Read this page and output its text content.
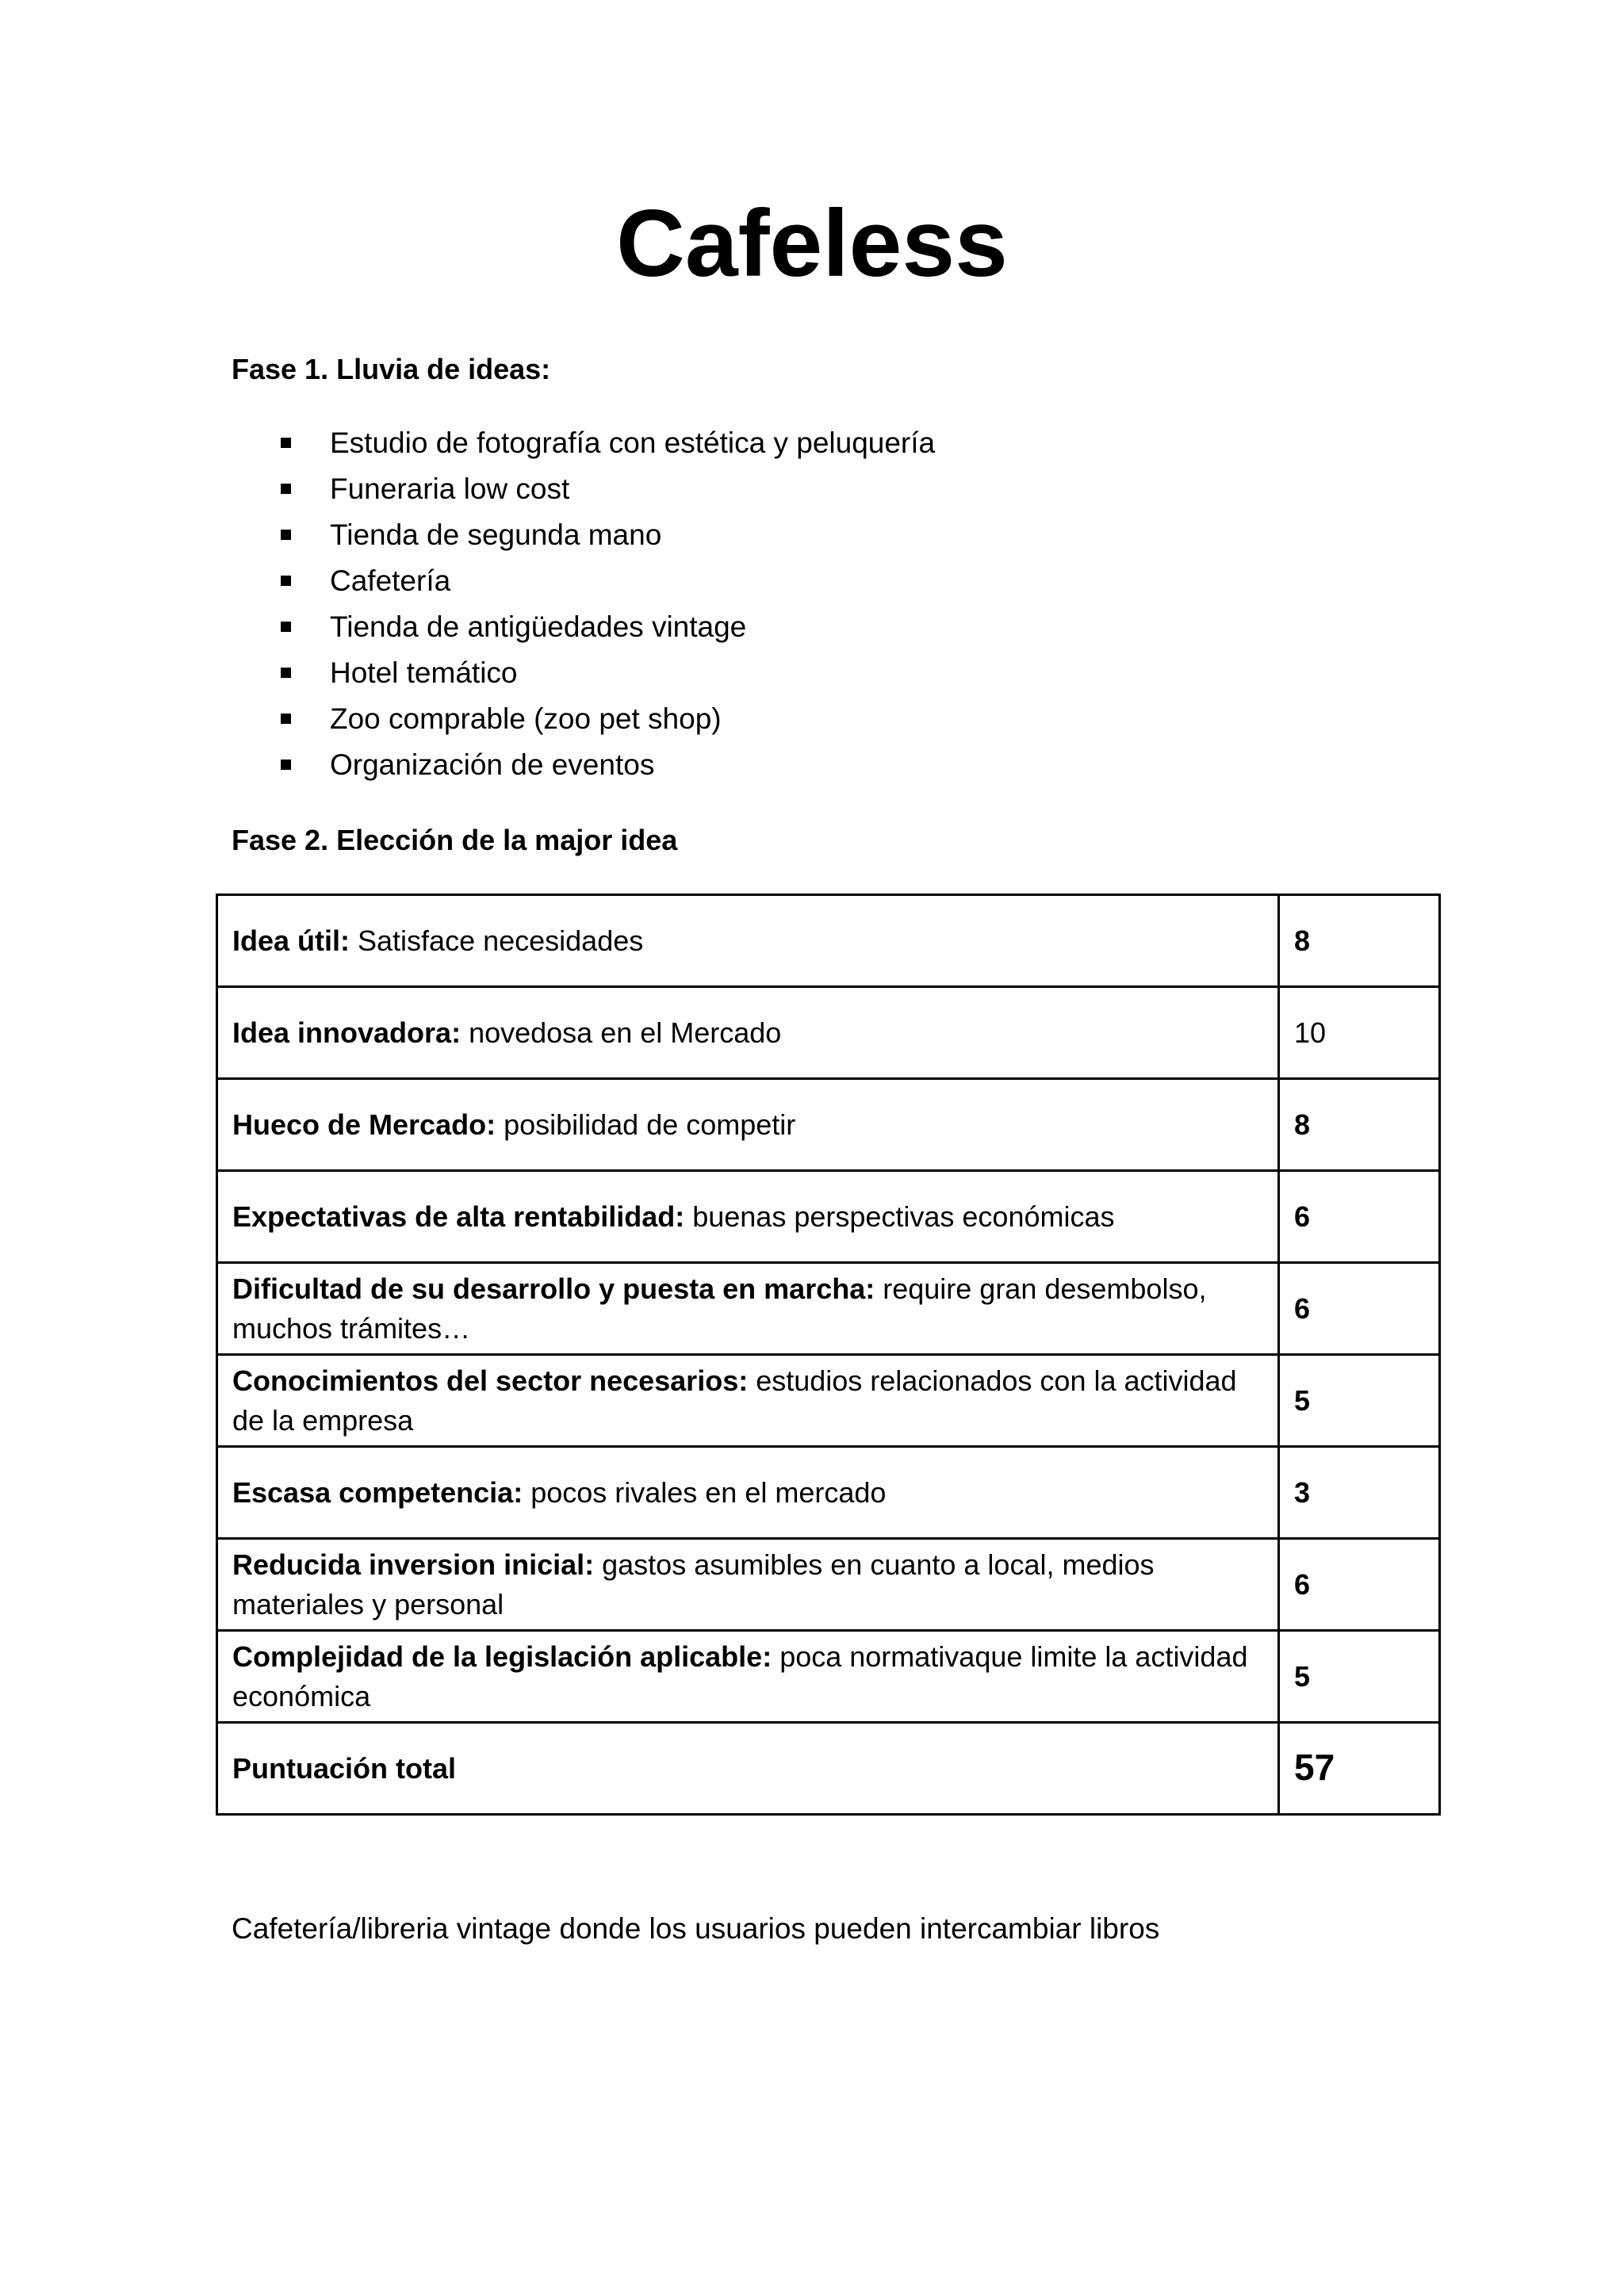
Cafeless
Fase 1. Lluvia de ideas:
Estudio de fotografía con estética y peluquería
Funeraria low cost
Tienda de segunda mano
Cafetería
Tienda de antigüedades vintage
Hotel temático
Zoo comprable (zoo pet shop)
Organización de eventos
Fase 2. Elección de la major idea
Idea útil: Satisface necesidades	8
Idea innovadora: novedosa en el Mercado	10
Hueco de Mercado: posibilidad de competir	8
Expectativas de alta rentabilidad: buenas perspectivas económicas	6
Dificultad de su desarrollo y puesta en marcha: require gran desembolso, muchos trámites…	6
Conocimientos del sector necesarios: estudios relacionados con la actividad de la empresa	5
Escasa competencia: pocos rivales en el mercado	3
Reducida inversion inicial: gastos asumibles en cuanto a local, medios materiales y personal	6
Complejidad de la legislación aplicable: poca normativaque limite la actividad económica	5
Puntuación total	57
Cafetería/libreria vintage donde los usuarios pueden intercambiar libros
